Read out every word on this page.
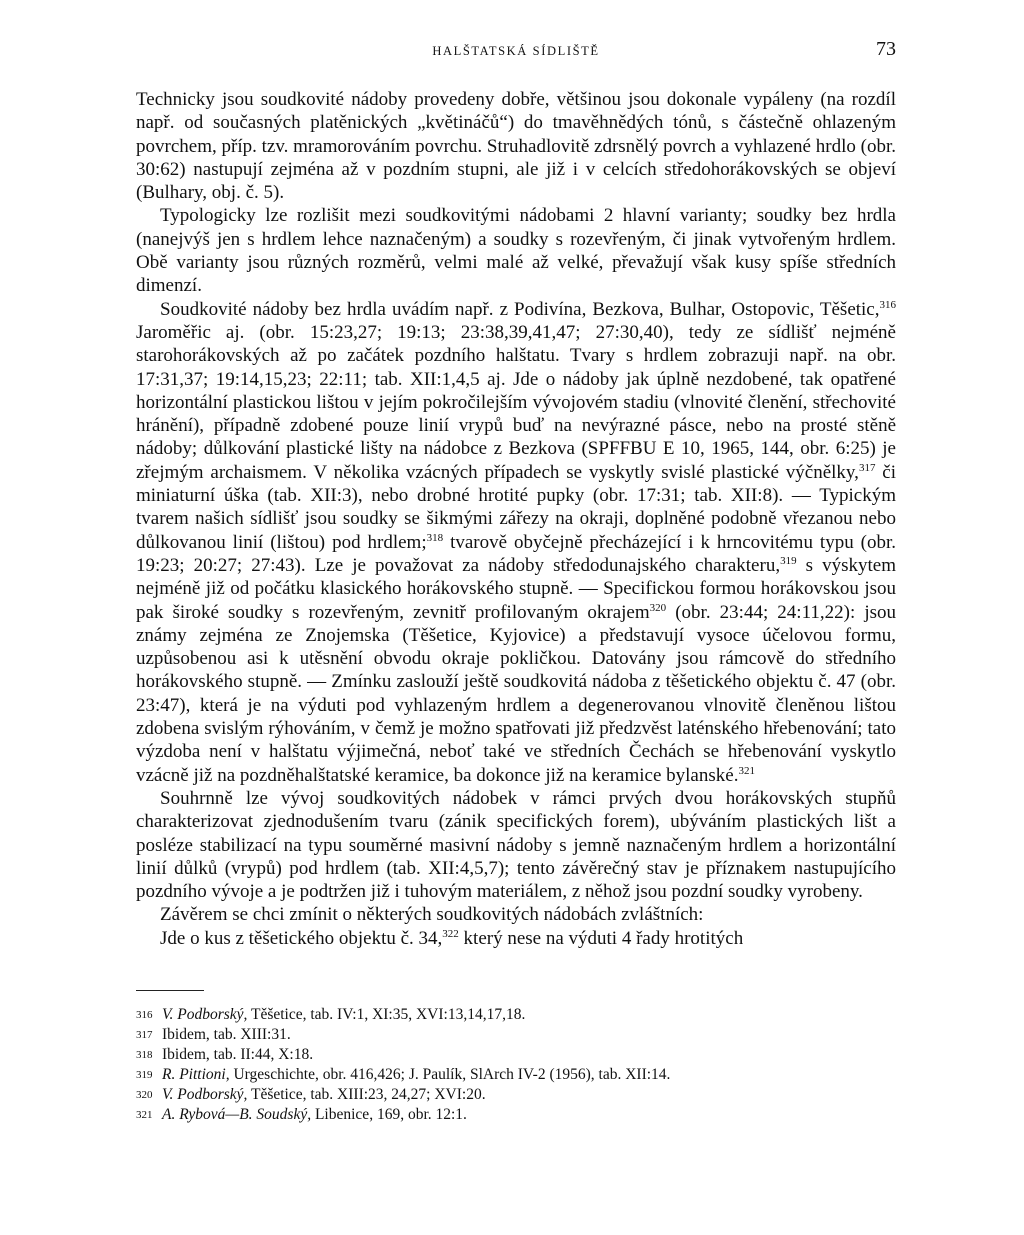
HALŠTATSKÁ SÍDLIŠTĚ	73

Technicky jsou soudkovité nádoby provedeny dobře, většinou jsou dokonale vypáleny (na rozdíl např. od současných platěnických „květináčů“) do tmavěhnědých tónů, s částečně ohlazeným povrchem, příp. tzv. mramorováním povrchu. Struhadlovitě zdrsnělý povrch a vyhlazené hrdlo (obr. 30:62) nastupují zejména až v pozdním stupni, ale již i v celcích středohorákovských se objeví (Bulhary, obj. č. 5).

Typologicky lze rozlišit mezi soudkovitými nádobami 2 hlavní varianty; soudky bez hrdla (nanejvýš jen s hrdlem lehce naznačeným) a soudky s rozevřeným, či jinak vytvořeným hrdlem. Obě varianty jsou různých rozměrů, velmi malé až velké, převažují však kusy spíše středních dimenzí.

Soudkovité nádoby bez hrdla uvádím např. z Podivína, Bezkova, Bulhar, Ostopovic, Těšetic,$^{316}$ Jaroměřic aj. (obr. 15:23,27; 19:13; 23:38,39,41,47; 27:30,40), tedy ze sídlišť nejméně starohorákovských až po začátek pozdního halštatu. Tvary s hrdlem zobrazuji např. na obr. 17:31,37; 19:14,15,23; 22:11; tab. XII:1,4,5 aj. Jde o nádoby jak úplně nezdobené, tak opatřené horizontální plastickou lištou v jejím pokročilejším vývojovém stadiu (vlnovité členění, střechovité hránění), případně zdobené pouze linií vrypů buď na nevýrazné pásce, nebo na prosté stěně nádoby; důlkování plastické lišty na nádobce z Bezkova (SPFFBU E 10, 1965, 144, obr. 6:25) je zřejmým archaismem. V několika vzácných případech se vyskytly svislé plastické výčnělky,$^{317}$ či miniaturní úška (tab. XII:3), nebo drobné hrotité pupky (obr. 17:31; tab. XII:8). — Typickým tvarem našich sídlišť jsou soudky se šikmými zářezy na okraji, doplněné podobně vřezanou nebo důlkovanou linií (lištou) pod hrdlem;$^{318}$ tvarově obyčejně přecházející i k hrncovitému typu (obr. 19:23; 20:27; 27:43). Lze je považovat za nádoby středodunajského charakteru,$^{319}$ s výskytem nejméně již od počátku klasického horákovského stupně. — Specifickou formou horákovskou jsou pak široké soudky s rozevřeným, zevnitř profilovaným okrajem$^{320}$ (obr. 23:44; 24:11,22): jsou známy zejména ze Znojemska (Těšetice, Kyjovice) a představují vysoce účelovou formu, uzpůsobenou asi k utěsnění obvodu okraje pokličkou. Datovány jsou rámcově do středního horákovského stupně. — Zmínku zaslouží ještě soudkovitá nádoba z těšetického objektu č. 47 (obr. 23:47), která je na výduti pod vyhlazeným hrdlem a degenerovanou vlnovitě členěnou lištou zdobena svislým rýhováním, v čemž je možno spatřovati již předzvěst laténského hřebenování; tato výzdoba není v halštatu výjimečná, neboť také ve středních Čechách se hřebenování vyskytlo vzácně již na pozdněhalštatské keramice, ba dokonce již na keramice bylanské.$^{321}$

Souhrnně lze vývoj soudkovitých nádobek v rámci prvých dvou horákovských stupňů charakterizovat zjednodušením tvaru (zánik specifických forem), ubýváním plastických lišt a posléze stabilizací na typu souměrné masivní nádoby s jemně naznačeným hrdlem a horizontální linií důlků (vrypů) pod hrdlem (tab. XII:4,5,7); tento závěrečný stav je příznakem nastupujícího pozdního vývoje a je podtržen již i tuhovým materiálem, z něhož jsou pozdní soudky vyrobeny.

Závěrem se chci zmínit o některých soudkovitých nádobách zvláštních:

Jde o kus z těšetického objektu č. 34,$^{322}$ který nese na výduti 4 řady hrotitých

316 V. Podborský, Těšetice, tab. IV:1, XI:35, XVI:13,14,17,18.
317 Ibidem, tab. XIII:31.
318 Ibidem, tab. II:44, X:18.
319 R. Pittioni, Urgeschichte, obr. 416,426; J. Paulík, SlArch IV-2 (1956), tab. XII:14.
320 V. Podborský, Těšetice, tab. XIII:23, 24,27; XVI:20.
321 A. Rybová—B. Soudský, Libenice, 169, obr. 12:1.
